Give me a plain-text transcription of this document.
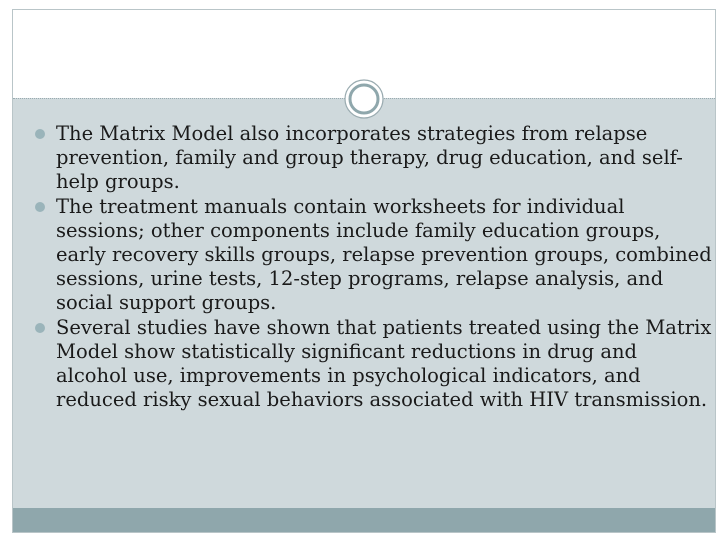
The Matrix Model also incorporates strategies from relapse prevention, family and group therapy, drug education, and self-help groups.
The treatment manuals contain worksheets for individual sessions; other components include family education groups, early recovery skills groups, relapse prevention groups, combined sessions, urine tests, 12-step programs, relapse analysis, and social support groups.
Several studies have shown that patients treated using the Matrix Model show statistically significant reductions in drug and alcohol use, improvements in psychological indicators, and reduced risky sexual behaviors associated with HIV transmission.
